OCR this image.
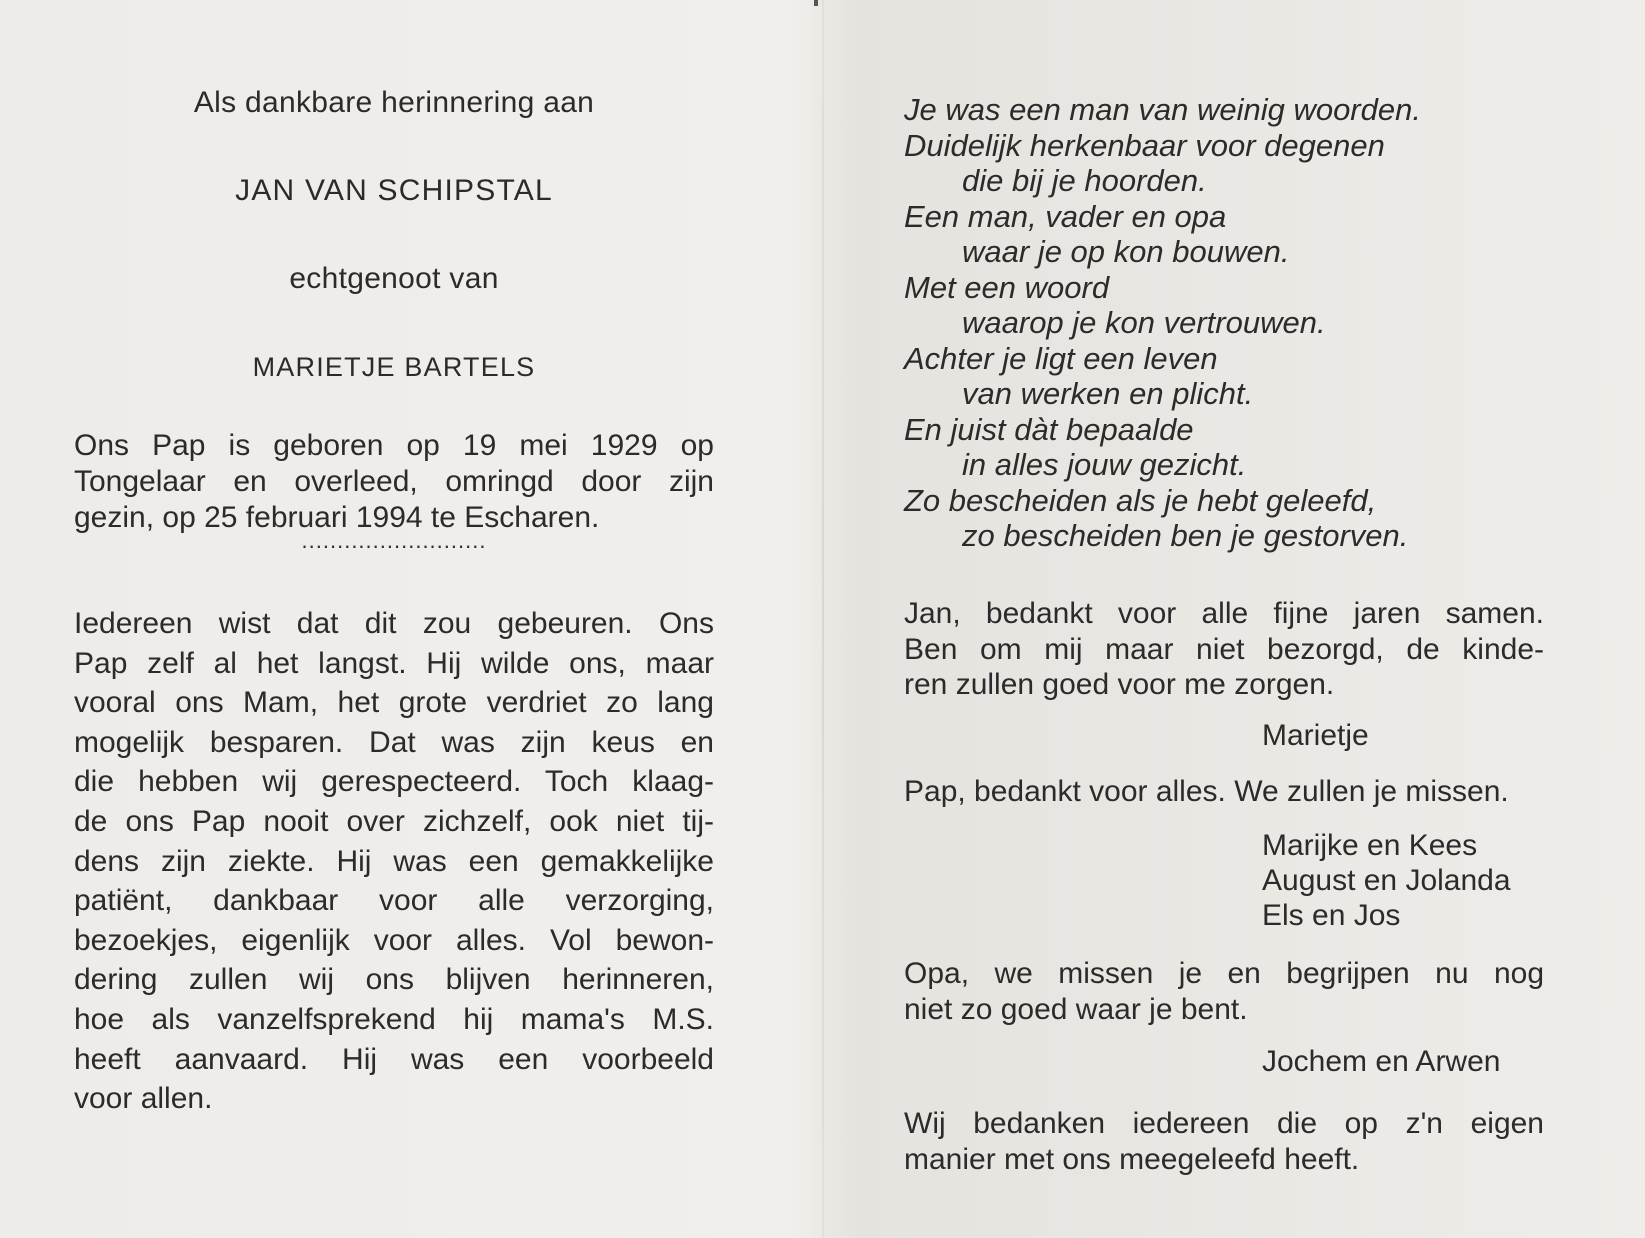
Als dankbare herinnering aan
JAN VAN SCHIPSTAL
echtgenoot van
MARIETJE BARTELS
Ons Pap is geboren op 19 mei 1929 op
Tongelaar en overleed, omringd door zijn
gezin, op 25 februari 1994 te Escharen.
..........................
Iedereen wist dat dit zou gebeuren. Ons
Pap zelf al het langst. Hij wilde ons, maar
vooral ons Mam, het grote verdriet zo lang
mogelijk besparen. Dat was zijn keus en
die hebben wij gerespecteerd. Toch klaag-
de ons Pap nooit over zichzelf, ook niet tij-
dens zijn ziekte. Hij was een gemakkelijke
patiënt, dankbaar voor alle verzorging,
bezoekjes, eigenlijk voor alles. Vol bewon-
dering zullen wij ons blijven herinneren,
hoe als vanzelfsprekend hij mama's M.S.
heeft aanvaard. Hij was een voorbeeld
voor allen.
Je was een man van weinig woorden.
Duidelijk herkenbaar voor degenen
die bij je hoorden.
Een man, vader en opa
waar je op kon bouwen.
Met een woord
waarop je kon vertrouwen.
Achter je ligt een leven
van werken en plicht.
En juist dàt bepaalde
in alles jouw gezicht.
Zo bescheiden als je hebt geleefd,
zo bescheiden ben je gestorven.
Jan, bedankt voor alle fijne jaren samen.
Ben om mij maar niet bezorgd, de kinde-
ren zullen goed voor me zorgen.
Marietje
Pap, bedankt voor alles. We zullen je missen.
Marijke en Kees
August en Jolanda
Els en Jos
Opa, we missen je en begrijpen nu nog
niet zo goed waar je bent.
Jochem en Arwen
Wij bedanken iedereen die op z'n eigen
manier met ons meegeleefd heeft.
